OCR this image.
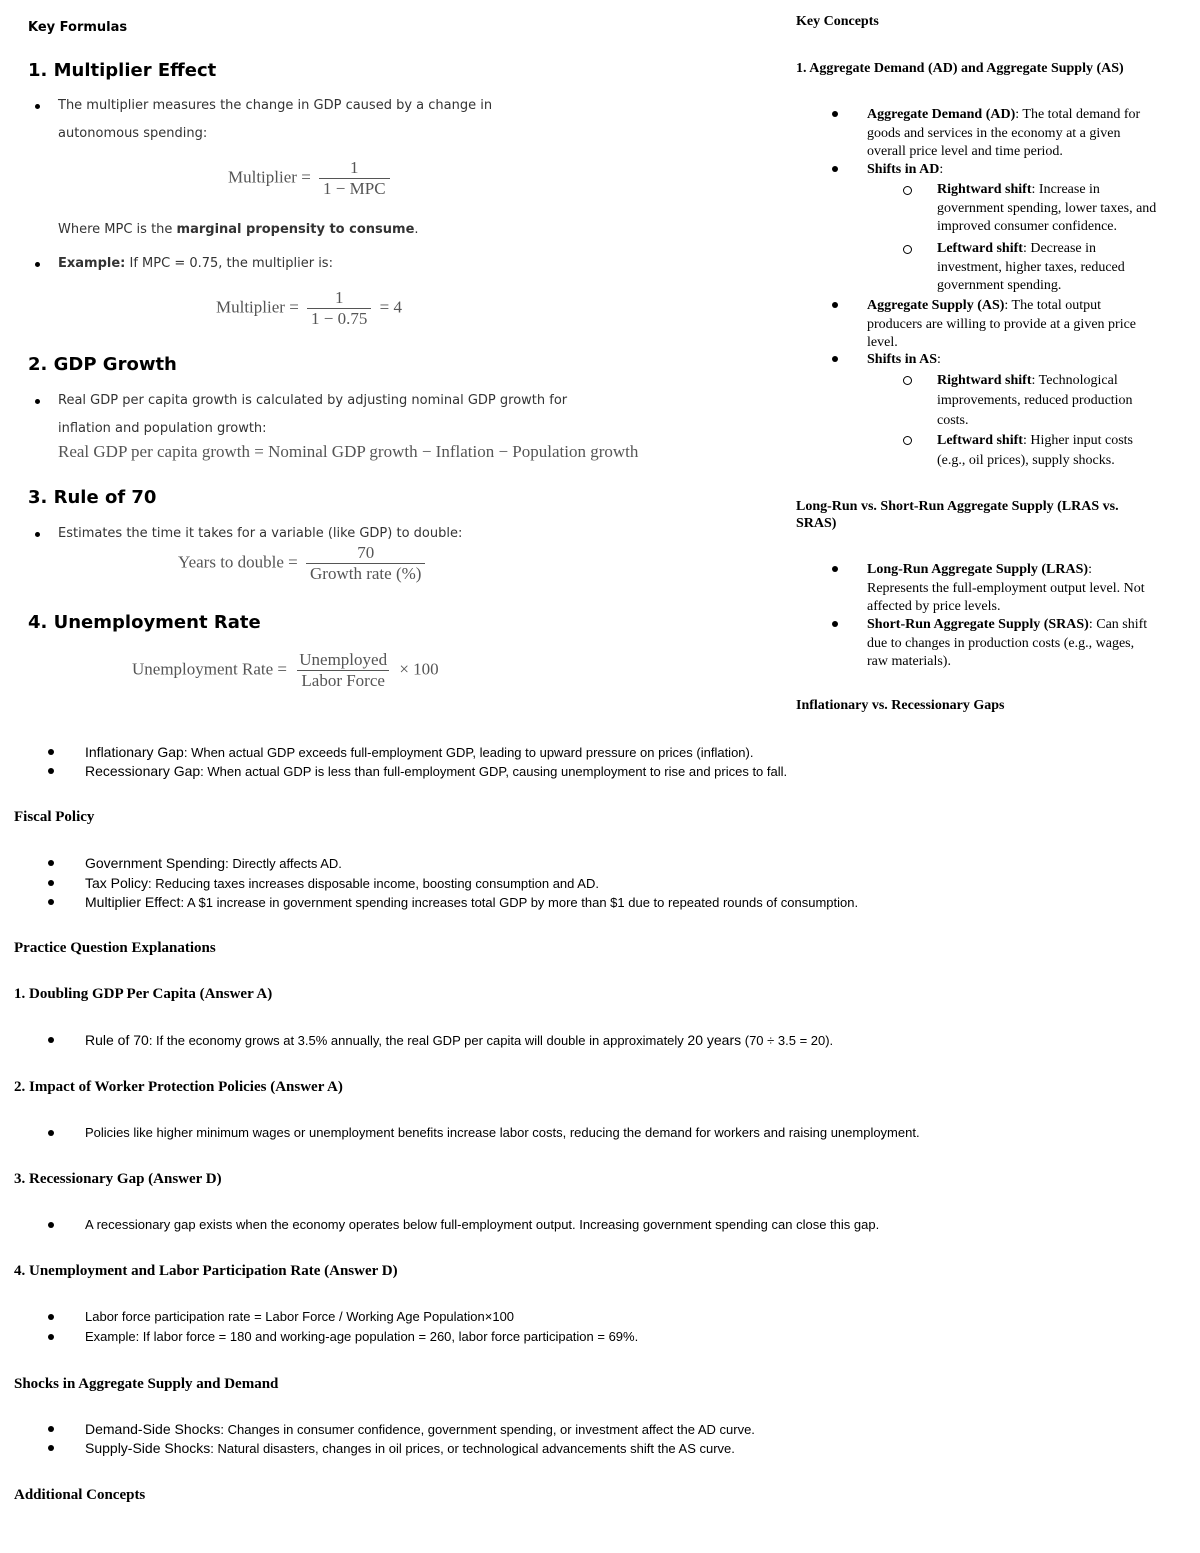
Key Formulas
1. Multiplier Effect
The multiplier measures the change in GDP caused by a change in
autonomous spending:
Multiplier = $\frac{1}{\text{1 − MPC}}$
Where MPC is the marginal propensity to consume.
Example: If MPC = 0.75, the multiplier is:
Multiplier = $\frac{1}{1 - 0.75} = 4$
2. GDP Growth
Real GDP per capita growth is calculated by adjusting nominal GDP growth for
inflation and population growth:
Real GDP per capita growth = Nominal GDP growth − Inflation − Population growth
3. Rule of 70
Estimates the time it takes for a variable (like GDP) to double:
Years to double = $\frac{70}{\text{Growth rate (\%)}}$
4. Unemployment Rate
Unemployment Rate = $\frac{\text{Unemployed}}{\text{Labor Force}} \times 100$
Key Concepts
1. Aggregate Demand (AD) and Aggregate Supply (AS)
Aggregate Demand (AD): The total demand for
goods and services in the economy at a given
overall price level and time period.
Shifts in AD:
Rightward shift: Increase in
government spending, lower taxes, and
improved consumer confidence.
Leftward shift: Decrease in
investment, higher taxes, reduced
government spending.
Aggregate Supply (AS): The total output
producers are willing to provide at a given price
level.
Shifts in AS:
Rightward shift: Technological
improvements, reduced production
costs.
Leftward shift: Higher input costs
(e.g., oil prices), supply shocks.
Long-Run vs. Short-Run Aggregate Supply (LRAS vs.
SRAS)
Long-Run Aggregate Supply (LRAS):
Represents the full-employment output level. Not
affected by price levels.
Short-Run Aggregate Supply (SRAS): Can shift
due to changes in production costs (e.g., wages,
raw materials).
Inflationary vs. Recessionary Gaps
Inflationary Gap: When actual GDP exceeds full-employment GDP, leading to upward pressure on prices (inflation).
Recessionary Gap: When actual GDP is less than full-employment GDP, causing unemployment to rise and prices to fall.
Fiscal Policy
Government Spending: Directly affects AD.
Tax Policy: Reducing taxes increases disposable income, boosting consumption and AD.
Multiplier Effect: A $1 increase in government spending increases total GDP by more than $1 due to repeated rounds of consumption.
Practice Question Explanations
1. Doubling GDP Per Capita (Answer A)
Rule of 70: If the economy grows at 3.5% annually, the real GDP per capita will double in approximately 20 years (70 ÷ 3.5 = 20).
2. Impact of Worker Protection Policies (Answer A)
Policies like higher minimum wages or unemployment benefits increase labor costs, reducing the demand for workers and raising unemployment.
3. Recessionary Gap (Answer D)
A recessionary gap exists when the economy operates below full-employment output. Increasing government spending can close this gap.
4. Unemployment and Labor Participation Rate (Answer D)
Labor force participation rate = Labor Force / Working Age Population×100
Example: If labor force = 180 and working-age population = 260, labor force participation = 69%.
Shocks in Aggregate Supply and Demand
Demand-Side Shocks: Changes in consumer confidence, government spending, or investment affect the AD curve.
Supply-Side Shocks: Natural disasters, changes in oil prices, or technological advancements shift the AS curve.
Additional Concepts
